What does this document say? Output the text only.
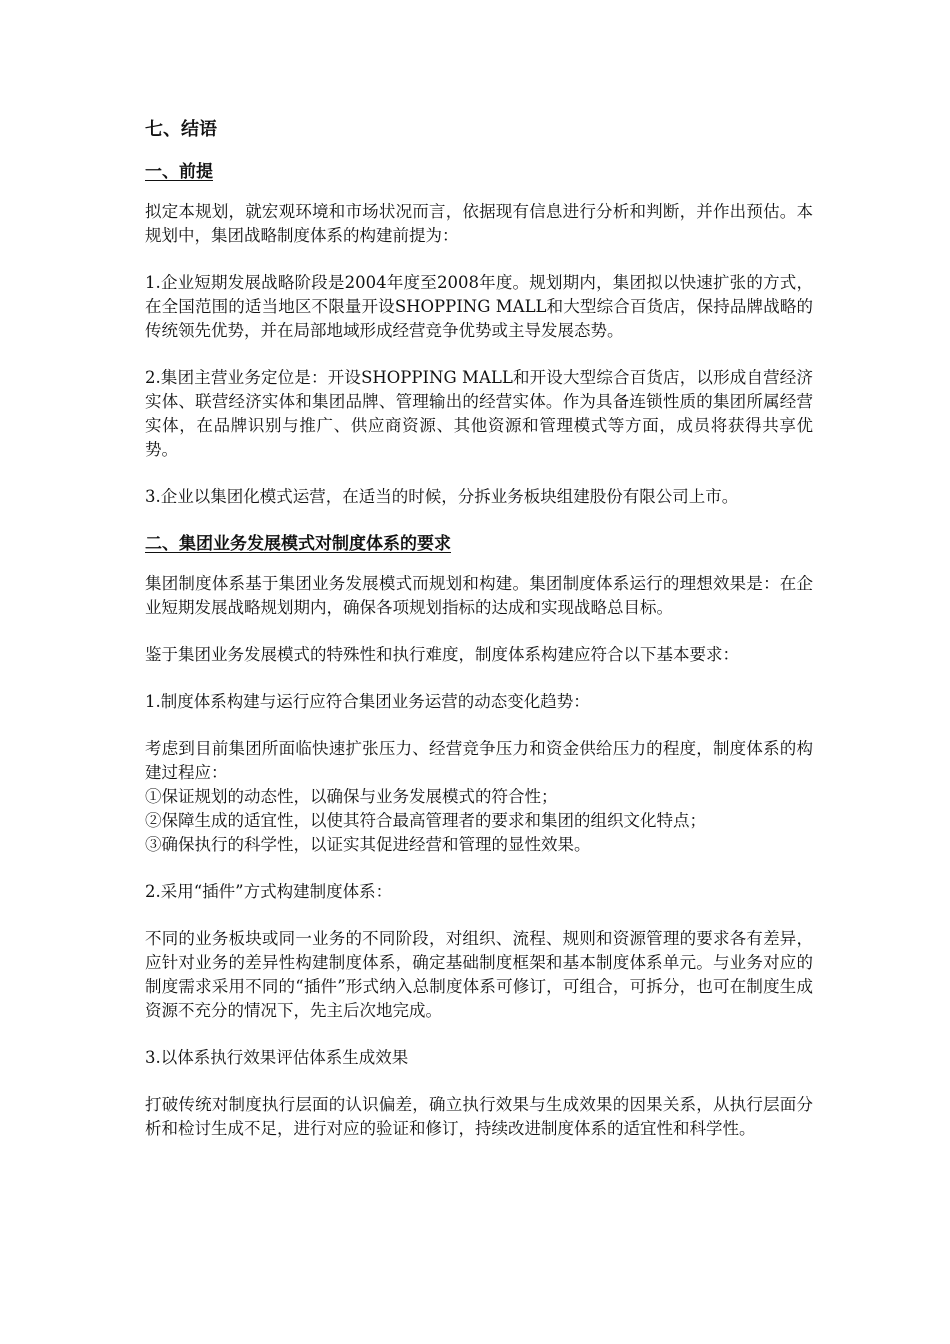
七、结语
一、前提

拟定本规划，就宏观环境和市场状况而言，依据现有信息进行分析和判断，并作出预估。本规划中，集团战略制度体系的构建前提为：

1.企业短期发展战略阶段是2004年度至2008年度。规划期内，集团拟以快速扩张的方式，在全国范围的适当地区不限量开设SHOPPING MALL和大型综合百货店，保持品牌战略的传统领先优势，并在局部地域形成经营竞争优势或主导发展态势。

2.集团主营业务定位是：开设SHOPPING MALL和开设大型综合百货店，以形成自营经济实体、联营经济实体和集团品牌、管理输出的经营实体。作为具备连锁性质的集团所属经营实体，在品牌识别与推广、供应商资源、其他资源和管理模式等方面，成员将获得共享优势。

3.企业以集团化模式运营，在适当的时候，分拆业务板块组建股份有限公司上市。

二、集团业务发展模式对制度体系的要求

集团制度体系基于集团业务发展模式而规划和构建。集团制度体系运行的理想效果是：在企业短期发展战略规划期内，确保各项规划指标的达成和实现战略总目标。

鉴于集团业务发展模式的特殊性和执行难度，制度体系构建应符合以下基本要求：

1.制度体系构建与运行应符合集团业务运营的动态变化趋势：

考虑到目前集团所面临快速扩张压力、经营竞争压力和资金供给压力的程度，制度体系的构建过程应：
①保证规划的动态性，以确保与业务发展模式的符合性；
②保障生成的适宜性，以使其符合最高管理者的要求和集团的组织文化特点；
③确保执行的科学性，以证实其促进经营和管理的显性效果。

2.采用“插件”方式构建制度体系：

不同的业务板块或同一业务的不同阶段，对组织、流程、规则和资源管理的要求各有差异，应针对业务的差异性构建制度体系，确定基础制度框架和基本制度体系单元。与业务对应的制度需求采用不同的“插件”形式纳入总制度体系可修订，可组合，可拆分，也可在制度生成资源不充分的情况下，先主后次地完成。

3.以体系执行效果评估体系生成效果

打破传统对制度执行层面的认识偏差，确立执行效果与生成效果的因果关系，从执行层面分析和检讨生成不足，进行对应的验证和修订，持续改进制度体系的适宜性和科学性。
